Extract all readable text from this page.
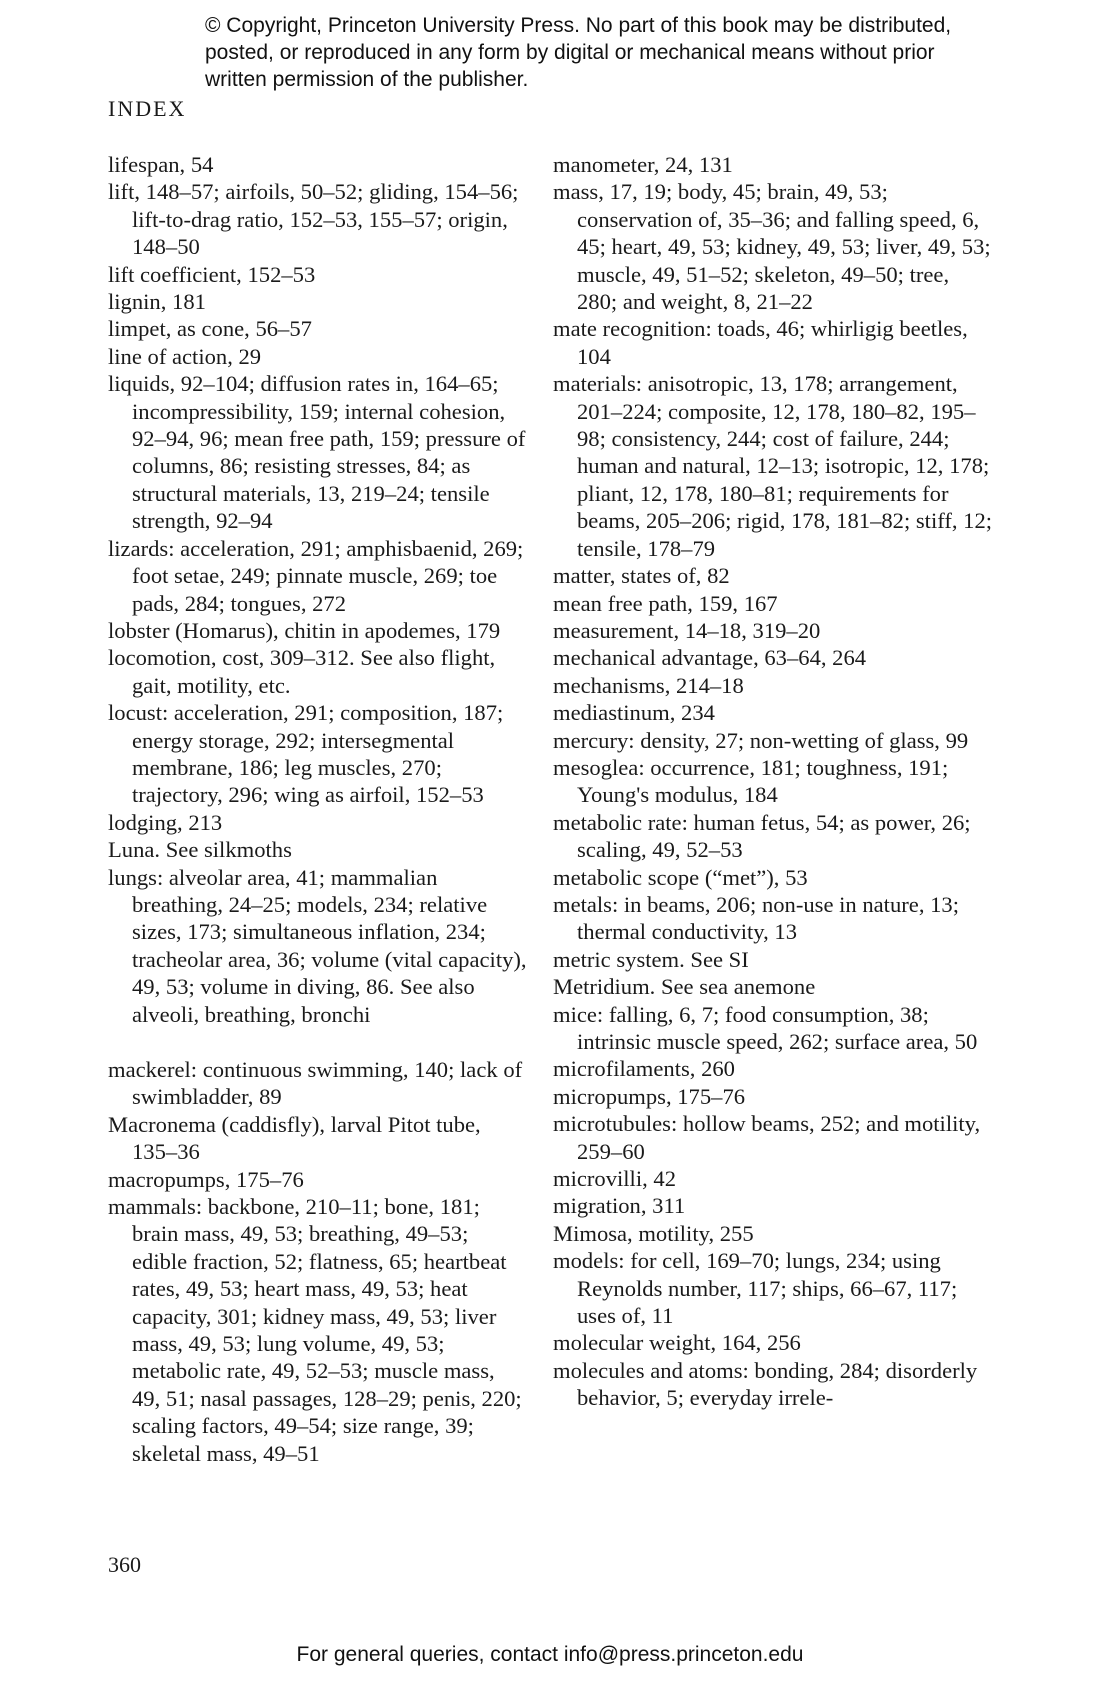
© Copyright, Princeton University Press. No part of this book may be distributed, posted, or reproduced in any form by digital or mechanical means without prior written permission of the publisher.
INDEX

lifespan, 54

lift, 148–57; airfoils, 50–52; gliding, 154–56; lift-to-drag ratio, 152–53, 155–57; origin, 148–50

lift coefficient, 152–53

lignin, 181

limpet, as cone, 56–57

line of action, 29

liquids, 92–104; diffusion rates in, 164–65; incompressibility, 159; internal cohesion, 92–94, 96; mean free path, 159; pressure of columns, 86; resisting stresses, 84; as structural materials, 13, 219–24; tensile strength, 92–94

lizards: acceleration, 291; amphisbaenid, 269; foot setae, 249; pinnate muscle, 269; toe pads, 284; tongues, 272

lobster (Homarus), chitin in apodemes, 179

locomotion, cost, 309–312. See also flight, gait, motility, etc.

locust: acceleration, 291; composition, 187; energy storage, 292; intersegmental membrane, 186; leg muscles, 270; trajectory, 296; wing as airfoil, 152–53

lodging, 213

Luna. See silkmoths

lungs: alveolar area, 41; mammalian breathing, 24–25; models, 234; relative sizes, 173; simultaneous inflation, 234; tracheolar area, 36; volume (vital capacity), 49, 53; volume in diving, 86. See also alveoli, breathing, bronchi

mackerel: continuous swimming, 140; lack of swimbladder, 89

Macronema (caddisfly), larval Pitot tube, 135–36

macropumps, 175–76

mammals: backbone, 210–11; bone, 181; brain mass, 49, 53; breathing, 49–53; edible fraction, 52; flatness, 65; heartbeat rates, 49, 53; heart mass, 49, 53; heat capacity, 301; kidney mass, 49, 53; liver mass, 49, 53; lung volume, 49, 53; metabolic rate, 49, 52–53; muscle mass, 49, 51; nasal passages, 128–29; penis, 220; scaling factors, 49–54; size range, 39; skeletal mass, 49–51

manometer, 24, 131

mass, 17, 19; body, 45; brain, 49, 53; conservation of, 35–36; and falling speed, 6, 45; heart, 49, 53; kidney, 49, 53; liver, 49, 53; muscle, 49, 51–52; skeleton, 49–50; tree, 280; and weight, 8, 21–22

mate recognition: toads, 46; whirligig beetles, 104

materials: anisotropic, 13, 178; arrangement, 201–224; composite, 12, 178, 180–82, 195–98; consistency, 244; cost of failure, 244; human and natural, 12–13; isotropic, 12, 178; pliant, 12, 178, 180–81; requirements for beams, 205–206; rigid, 178, 181–82; stiff, 12; tensile, 178–79

matter, states of, 82

mean free path, 159, 167

measurement, 14–18, 319–20

mechanical advantage, 63–64, 264

mechanisms, 214–18

mediastinum, 234

mercury: density, 27; non-wetting of glass, 99

mesoglea: occurrence, 181; toughness, 191; Young's modulus, 184

metabolic rate: human fetus, 54; as power, 26; scaling, 49, 52–53

metabolic scope (“met”), 53

metals: in beams, 206; non-use in nature, 13; thermal conductivity, 13

metric system. See SI

Metridium. See sea anemone

mice: falling, 6, 7; food consumption, 38; intrinsic muscle speed, 262; surface area, 50

microfilaments, 260

micropumps, 175–76

microtubules: hollow beams, 252; and motility, 259–60

microvilli, 42

migration, 311

Mimosa, motility, 255

models: for cell, 169–70; lungs, 234; using Reynolds number, 117; ships, 66–67, 117; uses of, 11

molecular weight, 164, 256

molecules and atoms: bonding, 284; disorderly behavior, 5; everyday irrele-

360
For general queries, contact info@press.princeton.edu
